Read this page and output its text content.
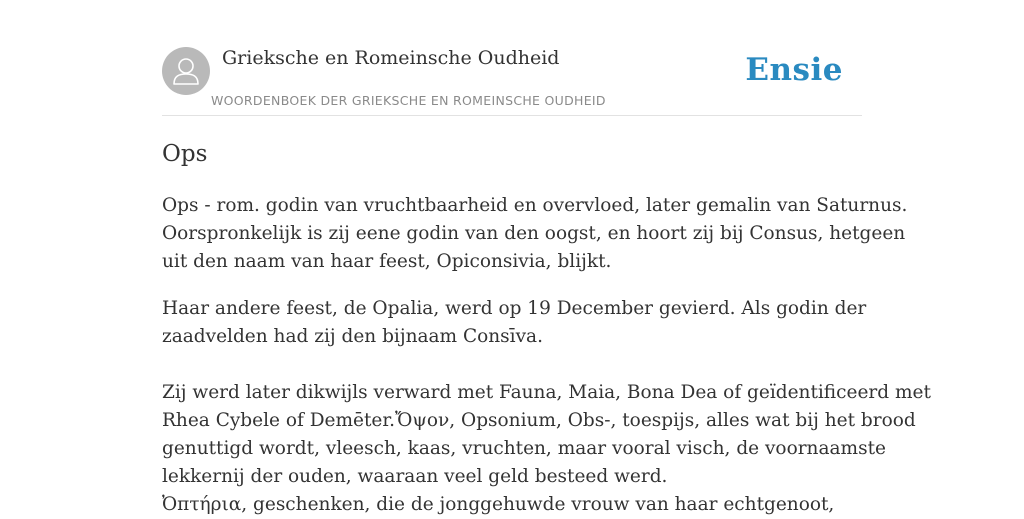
Grieksche en Romeinsche Oudheid
WOORDENBOEK DER GRIEKSCHE EN ROMEINSCHE OUDHEID
Ensie
Ops
Ops - rom. godin van vruchtbaarheid en overvloed, later gemalin van Saturnus.
Oorspronkelijk is zij eene godin van den oogst, en hoort zij bij Consus, hetgeen
uit den naam van haar feest, Opiconsivia, blijkt.
Haar andere feest, de Opalia, werd op 19 December gevierd. Als godin der
zaadvelden had zij den bijnaam Consīva.
Zij werd later dikwijls verward met Fauna, Maia, Bona Dea of geïdentificeerd met
Rhea Cybele of Demēter.Ὄψον, Opsonium, Obs-, toespijs, alles wat bij het brood
genuttigd wordt, vleesch, kaas, vruchten, maar vooral visch, de voornaamste
lekkernij der ouden, waaraan veel geld besteed werd.
Ὀπτήρια, geschenken, die de jonggehuwde vrouw van haar echtgenoot,
